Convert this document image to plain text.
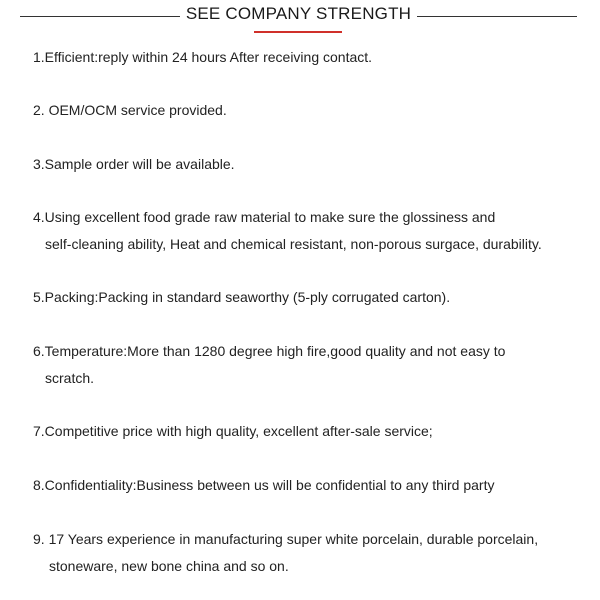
SEE COMPANY STRENGTH
1.Efficient:reply within 24 hours After receiving contact.
2. OEM/OCM service provided.
3.Sample order will be available.
4.Using excellent food grade raw material to make sure the glossiness and
self-cleaning ability, Heat and chemical resistant, non-porous surgace, durability.
5.Packing:Packing in standard seaworthy (5-ply corrugated carton).
6.Temperature:More than 1280 degree high fire,good quality and not easy to
scratch.
7.Competitive price with high quality, excellent after-sale service;
8.Confidentiality:Business between us will be confidential to any third party
9. 17 Years experience in manufacturing super white porcelain, durable porcelain,
stoneware, new bone china and so on.
